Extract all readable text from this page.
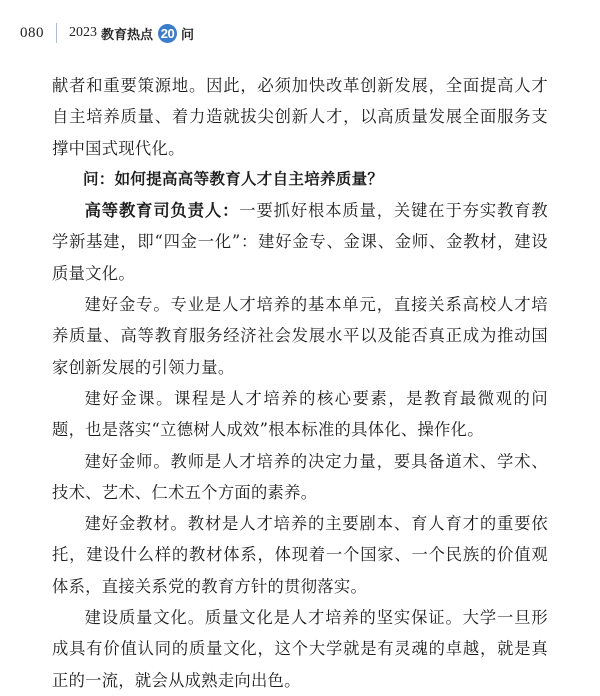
080 2023 教育热点 20 问

献者和重要策源地。因此，必须加快改革创新发展，全面提高人才自主培养质量、着力造就拔尖创新人才，以高质量发展全面服务支撑中国式现代化。

问：如何提高高等教育人才自主培养质量？

高等教育司负责人：一要抓好根本质量，关键在于夯实教育教学新基建，即“四金一化”：建好金专、金课、金师、金教材，建设质量文化。

建好金专。专业是人才培养的基本单元，直接关系高校人才培养质量、高等教育服务经济社会发展水平以及能否真正成为推动国家创新发展的引领力量。

建好金课。课程是人才培养的核心要素，是教育最微观的问题，也是落实“立德树人成效”根本标准的具体化、操作化。

建好金师。教师是人才培养的决定力量，要具备道术、学术、技术、艺术、仁术五个方面的素养。

建好金教材。教材是人才培养的主要剧本、育人育才的重要依托，建设什么样的教材体系，体现着一个国家、一个民族的价值观体系，直接关系党的教育方针的贯彻落实。

建设质量文化。质量文化是人才培养的坚实保证。大学一旦形成具有价值认同的质量文化，这个大学就是有灵魂的卓越，就是真正的一流，就会从成熟走向出色。
